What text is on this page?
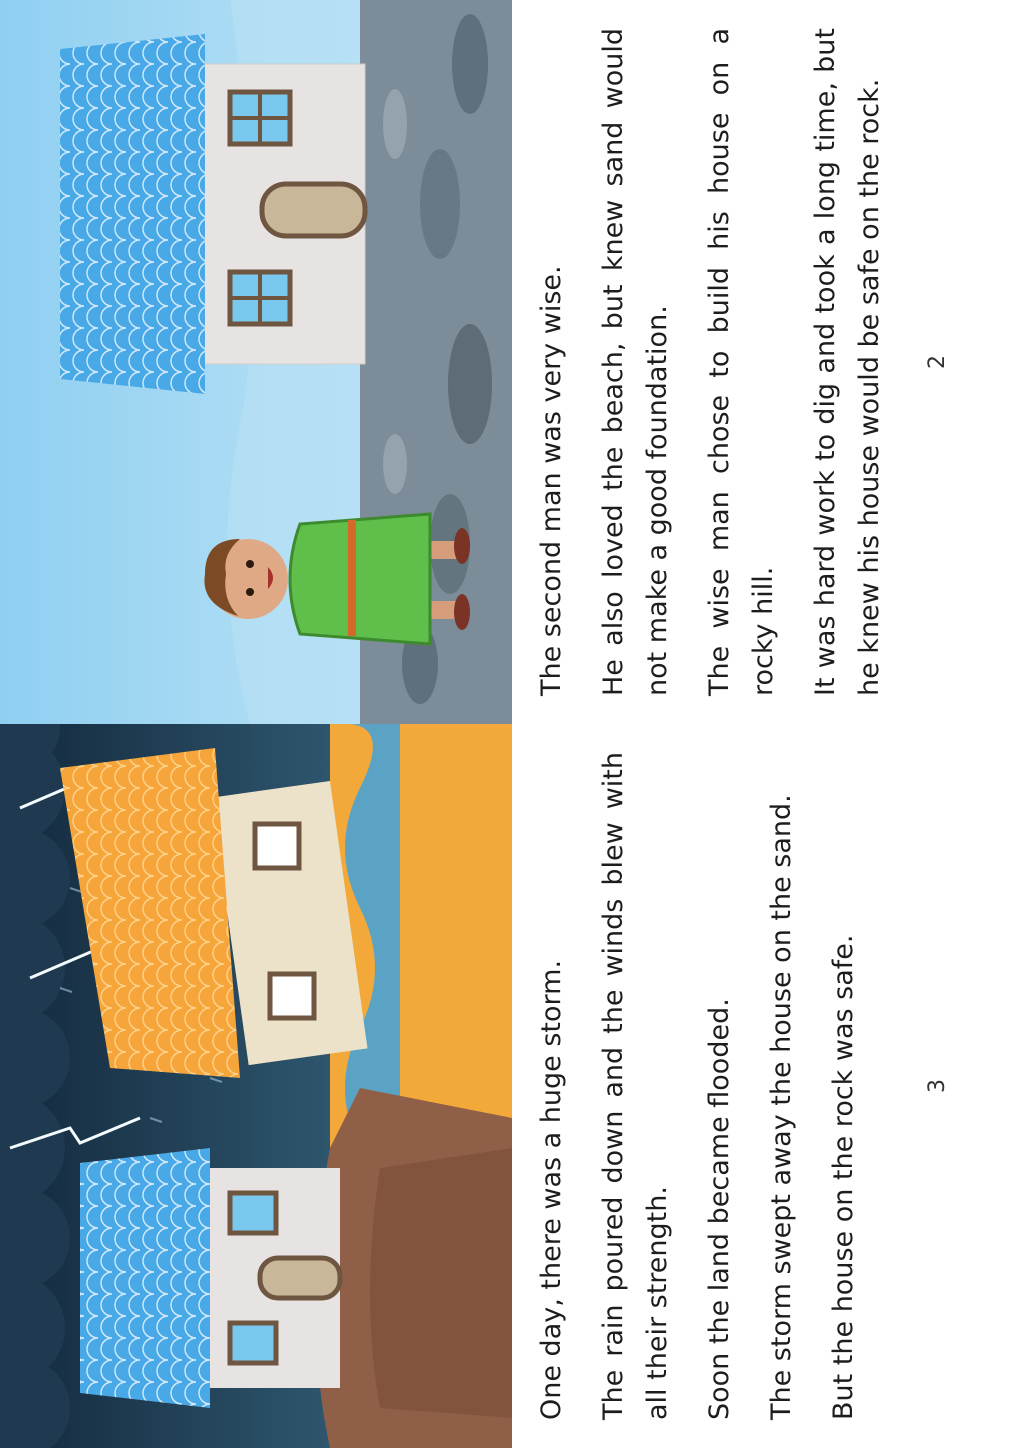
The second man was very wise. He also loved the beach, but knew sand would not make a good foundation. The wise man chose to build his house on a rocky hill. It was hard work to dig and took a long time, but he knew his house would be safe on the rock.	2

One day, there was a huge storm. The rain poured down and the winds blew with all their strength. Soon the land became flooded. The storm swept away the house on the sand. But the house on the rock was safe.	3
